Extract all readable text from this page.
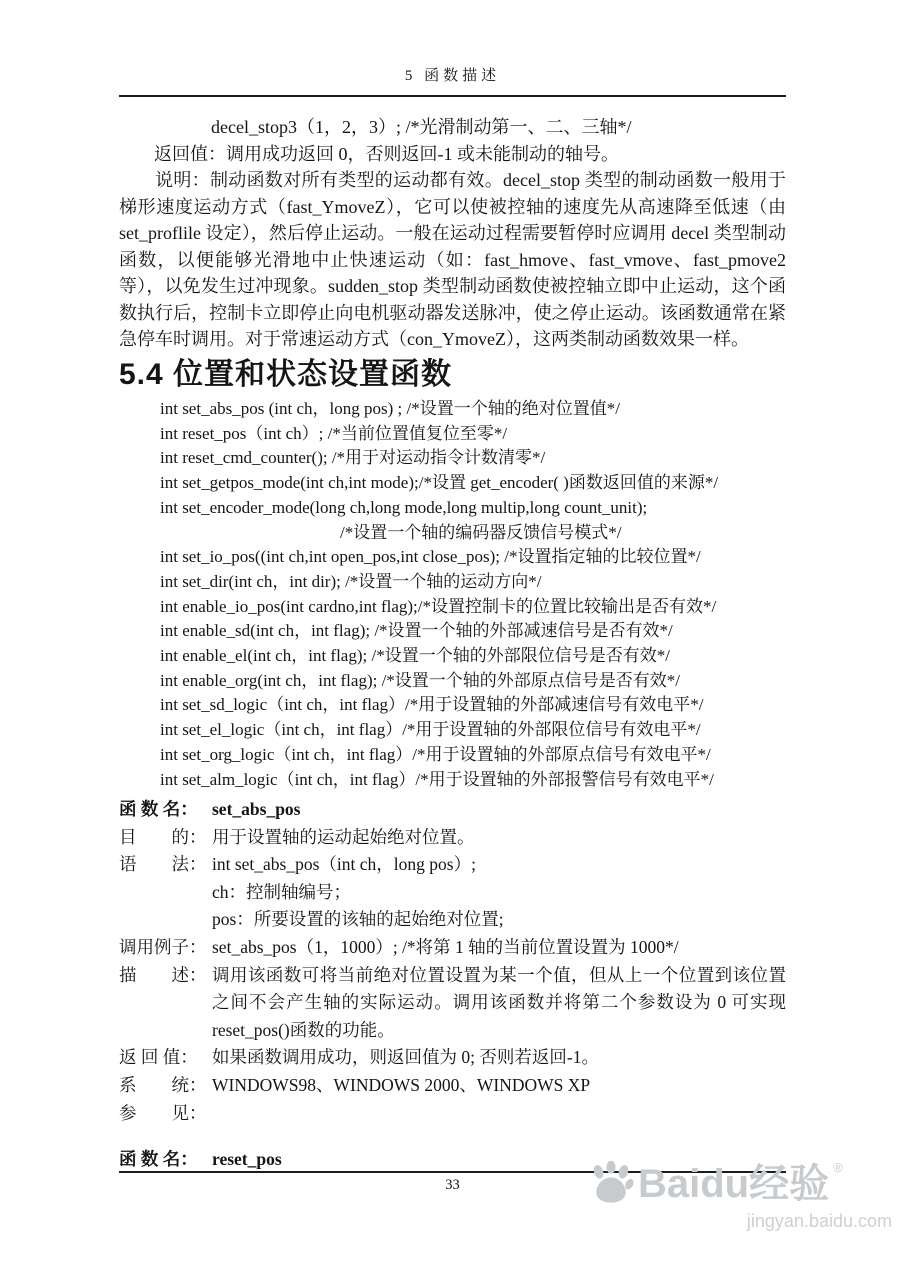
5 函数描述
decel_stop3（1，2，3）; /*光滑制动第一、二、三轴*/
返回值：调用成功返回 0，否则返回-1 或未能制动的轴号。
说明：制动函数对所有类型的运动都有效。decel_stop 类型的制动函数一般用于梯形速度运动方式（fast_YmoveZ），它可以使被控轴的速度先从高速降至低速（由 set_proflile 设定），然后停止运动。一般在运动过程需要暂停时应调用 decel 类型制动函数，以便能够光滑地中止快速运动（如：fast_hmove、fast_vmove、fast_pmove2 等），以免发生过冲现象。sudden_stop 类型制动函数使被控轴立即中止运动，这个函数执行后，控制卡立即停止向电机驱动器发送脉冲，使之停止运动。该函数通常在紧急停车时调用。对于常速运动方式（con_YmoveZ），这两类制动函数效果一样。
5.4 位置和状态设置函数
int set_abs_pos (int ch，long pos) ; /*设置一个轴的绝对位置值*/
int reset_pos（int ch）; /*当前位置值复位至零*/
int reset_cmd_counter(); /*用于对运动指令计数清零*/
int set_getpos_mode(int ch,int mode);/*设置 get_encoder( )函数返回值的来源*/
int set_encoder_mode(long ch,long mode,long multip,long count_unit);
/*设置一个轴的编码器反馈信号模式*/
int set_io_pos((int ch,int open_pos,int close_pos); /*设置指定轴的比较位置*/
int set_dir(int ch，int dir); /*设置一个轴的运动方向*/
int enable_io_pos(int cardno,int flag);/*设置控制卡的位置比较输出是否有效*/
int enable_sd(int ch，int flag); /*设置一个轴的外部减速信号是否有效*/
int enable_el(int ch，int flag); /*设置一个轴的外部限位信号是否有效*/
int enable_org(int ch，int flag); /*设置一个轴的外部原点信号是否有效*/
int set_sd_logic（int ch，int flag）/*用于设置轴的外部减速信号有效电平*/
int set_el_logic（int ch，int flag）/*用于设置轴的外部限位信号有效电平*/
int set_org_logic（int ch，int flag）/*用于设置轴的外部原点信号有效电平*/
int set_alm_logic（int ch，int flag）/*用于设置轴的外部报警信号有效电平*/
函 数 名： set_abs_pos
目　　的： 用于设置轴的运动起始绝对位置。
语　　法： int set_abs_pos（int ch，long pos）;
ch：控制轴编号；
pos：所要设置的该轴的起始绝对位置;
调用例子： set_abs_pos（1，1000）; /*将第 1 轴的当前位置设置为 1000*/
描　　述： 调用该函数可将当前绝对位置设置为某一个值，但从上一个位置到该位置之间不会产生轴的实际运动。调用该函数并将第二个参数设为 0 可实现 reset_pos()函数的功能。
返 回 值： 如果函数调用成功，则返回值为 0; 否则若返回-1。
系　　统： WINDOWS98、WINDOWS 2000、WINDOWS XP
参　　见：
函 数 名： reset_pos
33	Baidu经验 ®
jingyan.baidu.com
